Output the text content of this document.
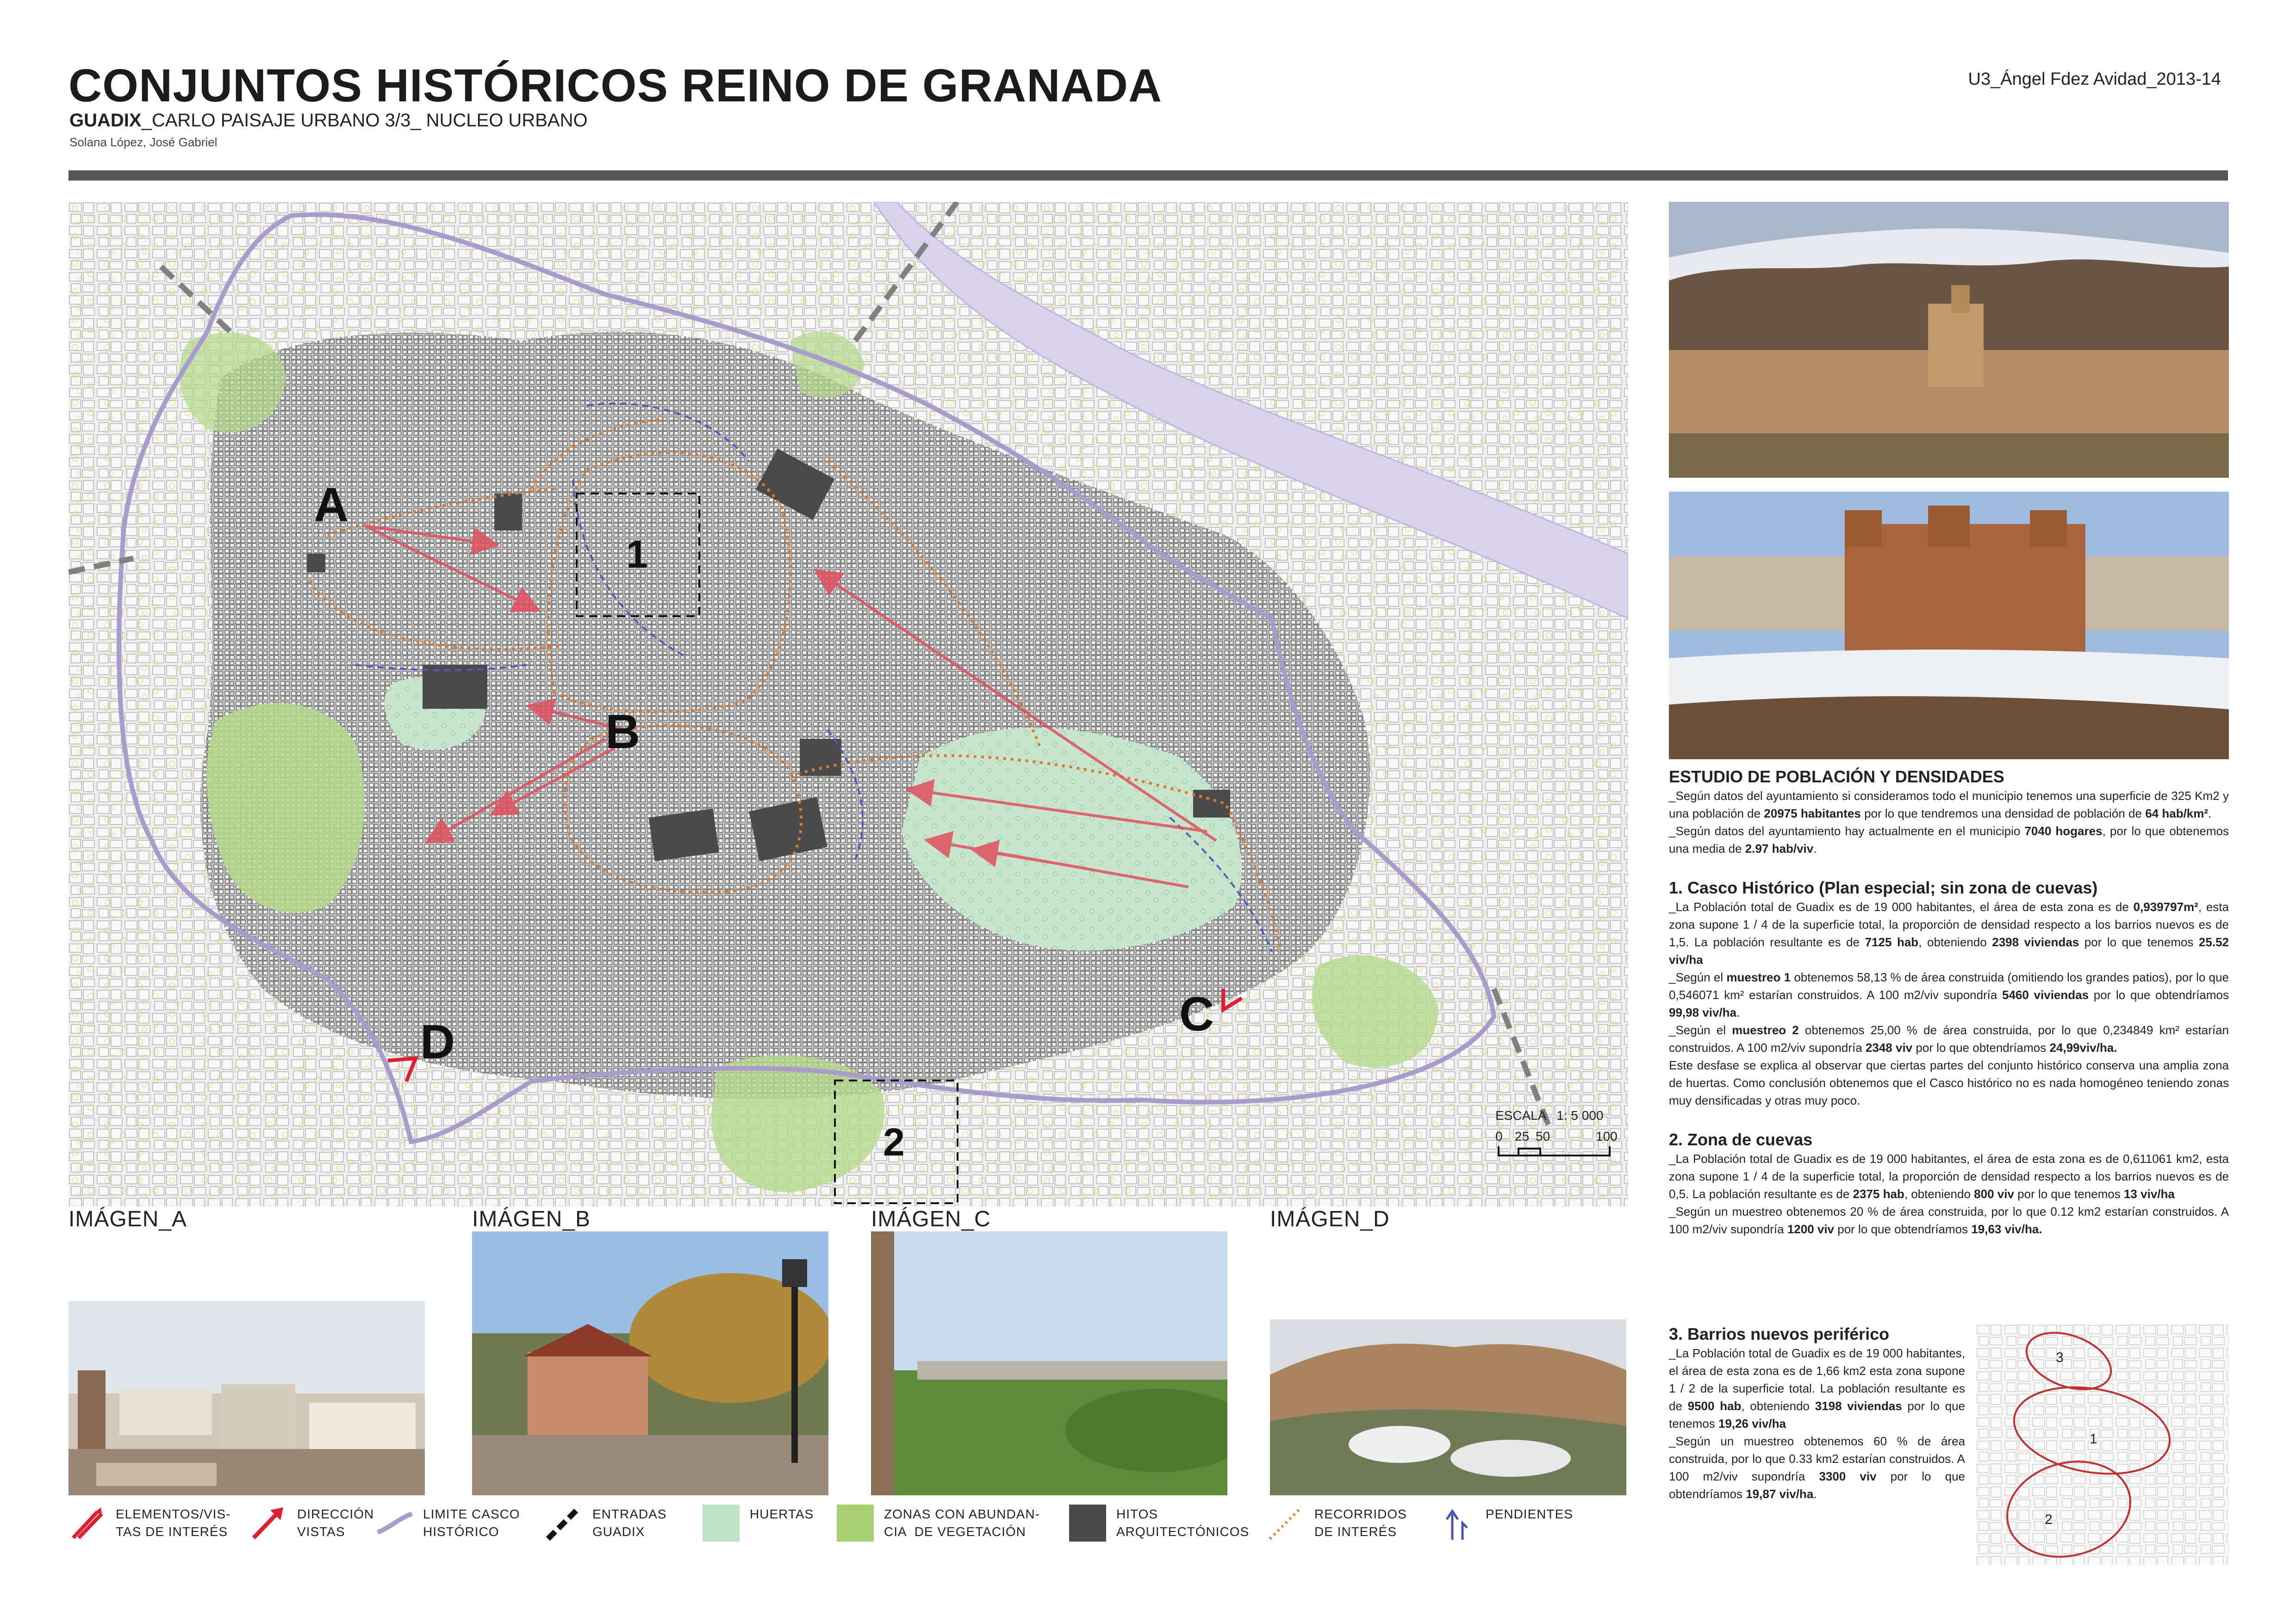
CONJUNTOS HISTÓRICOS REINO DE GRANADA
GUADIX_CARLO PAISAJE URBANO 3/3_ NUCLEO URBANO
Solana López, José Gabriel
U3_Ángel Fdez Avidad_2013-14
A
B
C
D
1
2
ESCALA   1: 5 000
0 25 50	100
IMÁGEN_A	IMÁGEN_B	IMÁGEN_C	IMÁGEN_D
ELEMENTOS/VIS-
TAS DE INTERÉS
DIRECCIÓN
VISTAS
LIMITE CASCO
HISTÓRICO
ENTRADAS
GUADIX
HUERTAS	ZONAS CON ABUNDAN-
CIA  DE VEGETACIÓN
HITOS
ARQUITECTÓNICOS
RECORRIDOS
DE INTERÉS
PENDIENTES

ESTUDIO DE POBLACIÓN Y DENSIDADES

_Según datos del ayuntamiento si consideramos todo el municipio tenemos una superficie de 325 Km2 y una población de 20975 habitantes por lo que tendremos una densidad de población de 64 hab/km².

_Según datos del ayuntamiento hay actualmente en el municipio 7040 hogares, por lo que obtenemos una media de 2.97 hab/viv.

1. Casco Histórico (Plan especial; sin zona de cuevas)

_La Población total de Guadix es de 19 000 habitantes, el área de esta zona es de 0,939797m², esta zona supone 1 / 4 de la superficie total, la proporción de densidad respecto a los barrios nuevos es de 1,5. La población resultante es de 7125 hab, obteniendo 2398 viviendas por lo que tenemos 25.52 viv/ha

_Según el muestreo 1 obtenemos 58,13 % de área construida (omitiendo los grandes patios), por lo que 0,546071 km² estarían construidos. A 100 m2/viv supondría 5460 viviendas por lo que obtendríamos 99,98 viv/ha.

_Según el muestreo 2 obtenemos 25,00 % de área construida, por lo que 0,234849 km² estarían construidos. A 100 m2/viv supondría 2348 viv por lo que obtendríamos 24,99viv/ha.

Este desfase se explica al observar que ciertas partes del conjunto histórico conserva una amplia zona de huertas. Como conclusión obtenemos que el Casco histórico no es nada homogéneo teniendo zonas muy densificadas y otras muy poco.

2. Zona de cuevas

_La Población total de Guadix es de 19 000 habitantes, el área de esta zona es de 0,611061 km2, esta zona supone 1 / 4 de la superficie total, la proporción de densidad respecto a los barrios nuevos es de 0,5. La población resultante es de 2375 hab, obteniendo 800 viv por lo que tenemos 13 viv/ha

_Según un muestreo obtenemos 20 % de área construida, por lo que 0.12 km2 estarían construidos. A 100 m2/viv supondría 1200 viv por lo que obtendríamos 19,63 viv/ha.

3. Barrios nuevos periférico

_La Población total de Guadix es de 19 000 habitantes, el área de esta zona es de 1,66 km2 esta zona supone 1 / 2 de la superficie total. La población resultante es de 9500 hab, obteniendo 3198 viviendas por lo que tenemos 19,26 viv/ha

_Según un muestreo obtenemos 60 % de área construida, por lo que 0.33 km2 estarían construidos. A 100 m2/viv supondría 3300 viv por lo que obtendríamos 19,87 viv/ha.

3
1
2
